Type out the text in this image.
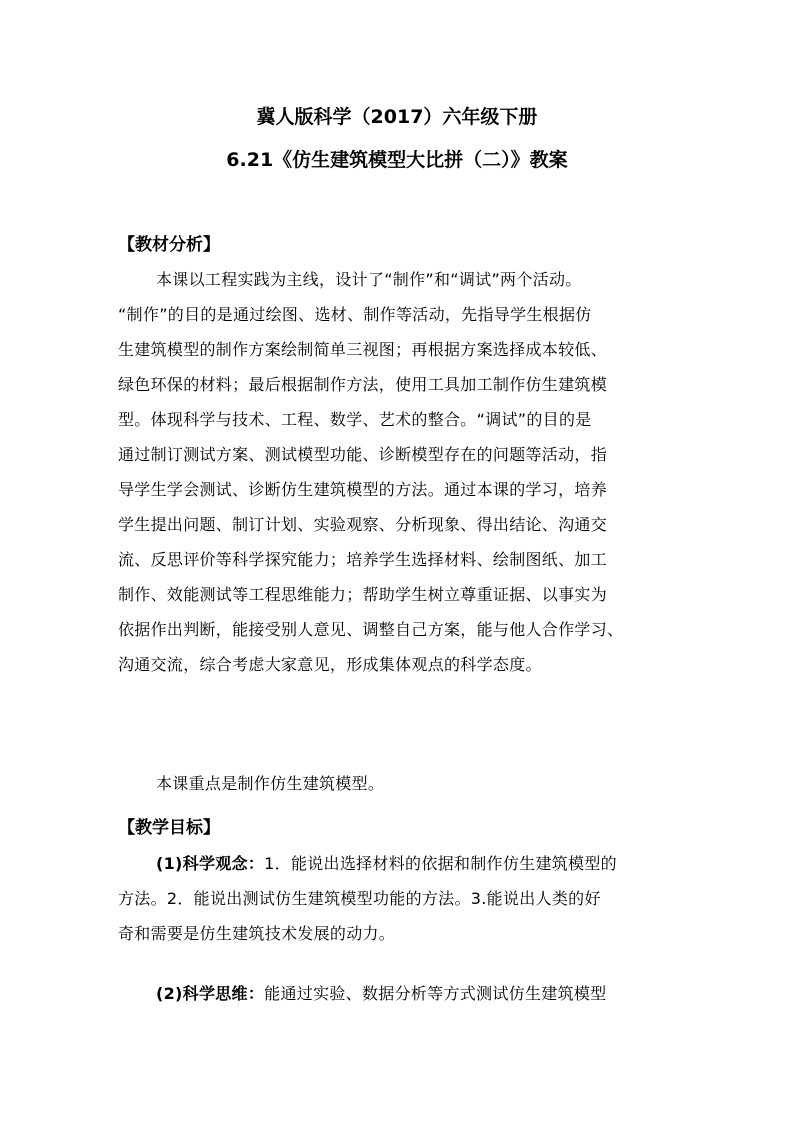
冀人版科学（2017）六年级下册
6.21《仿生建筑模型大比拼（二）》教案
【教材分析】
本课以工程实践为主线，设计了“制作”和“调试”两个活动。
“制作”的目的是通过绘图、选材、制作等活动，先指导学生根据仿
生建筑模型的制作方案绘制简单三视图；再根据方案选择成本较低、
绿色环保的材料；最后根据制作方法，使用工具加工制作仿生建筑模
型。体现科学与技术、工程、数学、艺术的整合。“调试”的目的是
通过制订测试方案、测试模型功能、诊断模型存在的问题等活动，指
导学生学会测试、诊断仿生建筑模型的方法。通过本课的学习，培养
学生提出问题、制订计划、实验观察、分析现象、得出结论、沟通交
流、反思评价等科学探究能力；培养学生选择材料、绘制图纸、加工
制作、效能测试等工程思维能力；帮助学生树立尊重证据、以事实为
依据作出判断，能接受别人意见、调整自己方案，能与他人合作学习、
沟通交流，综合考虑大家意见，形成集体观点的科学态度。
本课重点是制作仿生建筑模型。
【教学目标】
(1)科学观念：1．能说出选择材料的依据和制作仿生建筑模型的
方法。2．能说出测试仿生建筑模型功能的方法。3.能说出人类的好
奇和需要是仿生建筑技术发展的动力。
(2)科学思维：能通过实验、数据分析等方式测试仿生建筑模型
